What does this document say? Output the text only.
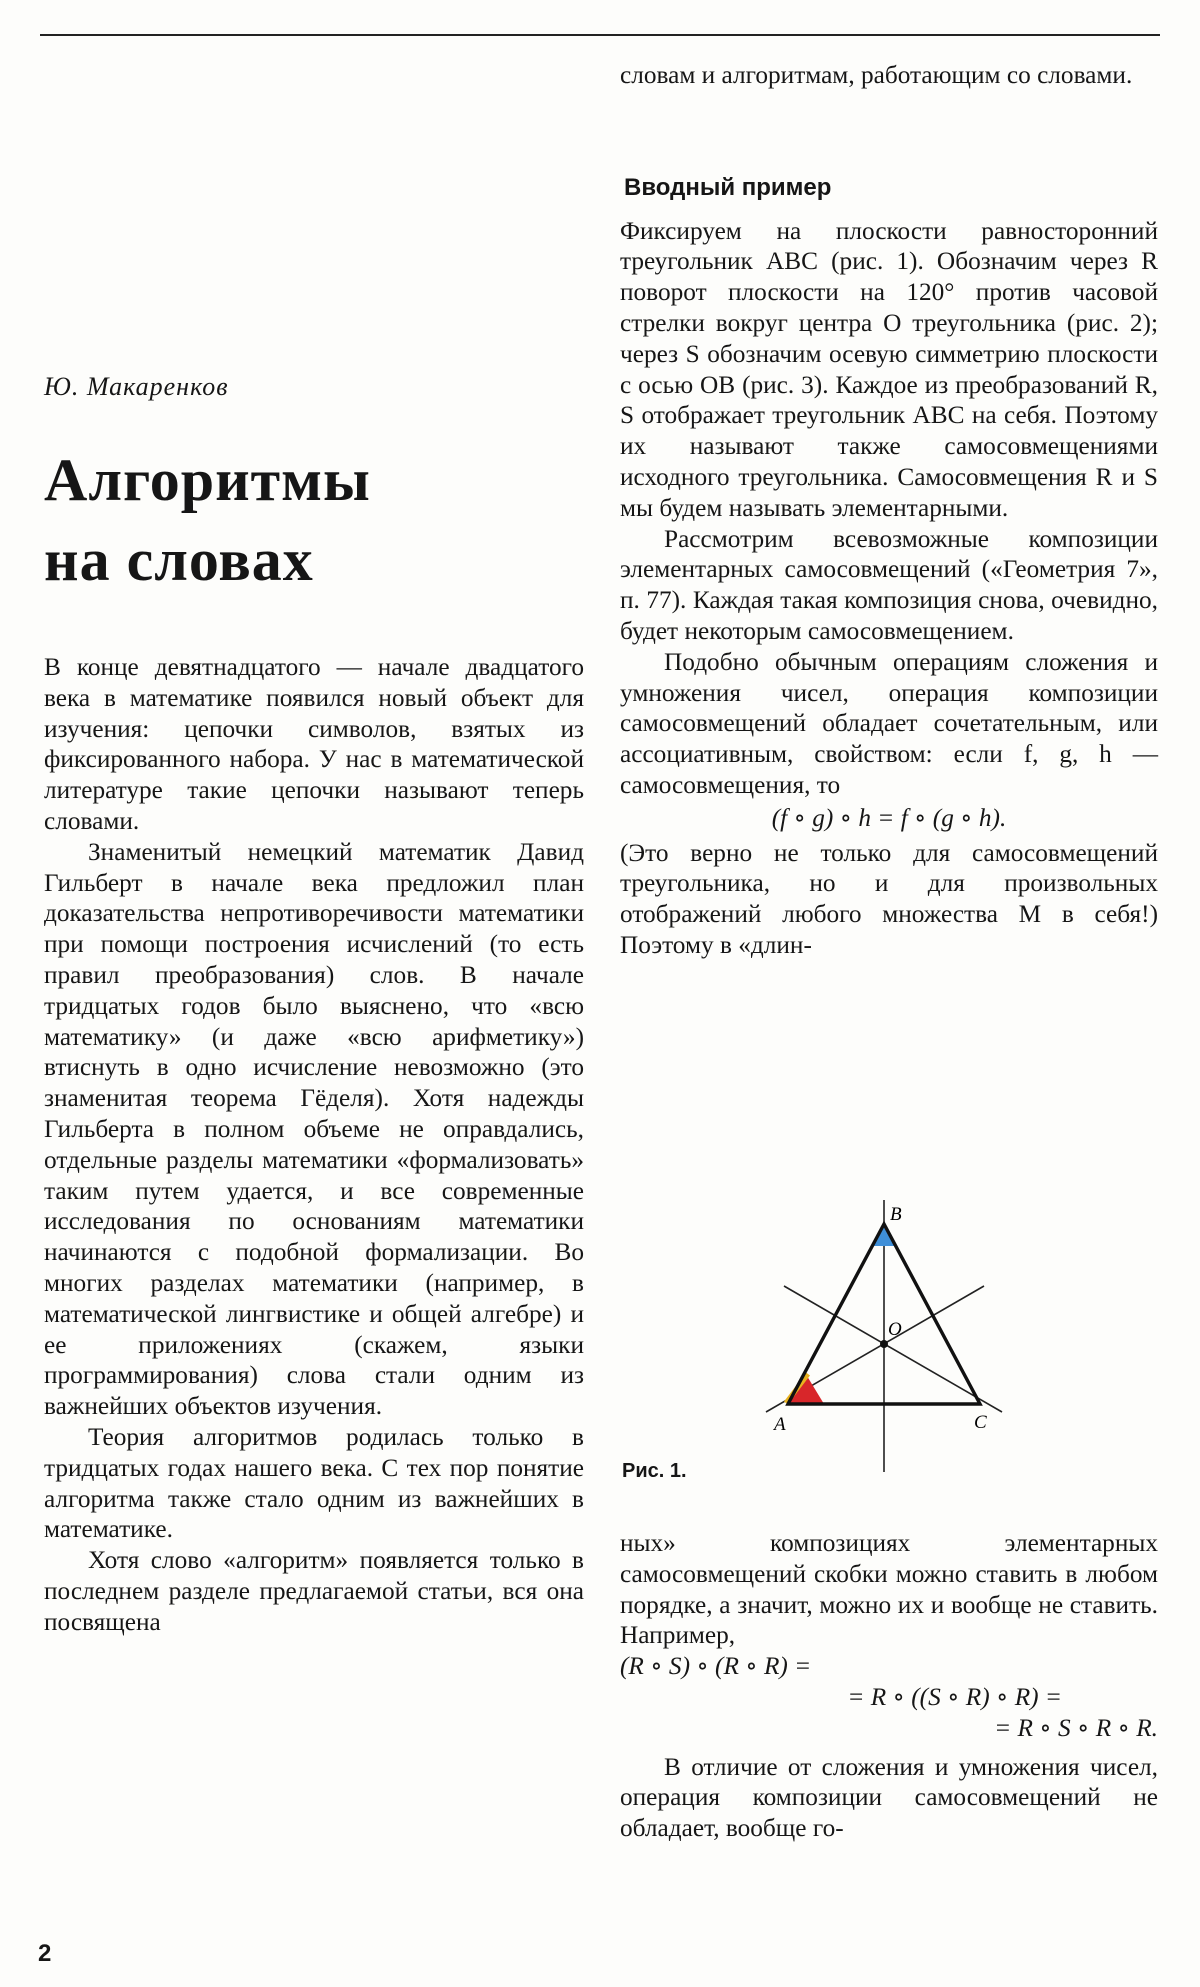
Ю. Макаренков
Алгоритмы
на словах

В конце девятнадцатого — начале двадцатого века в математике появился новый объект для изучения: цепочки символов, взятых из фиксированного набора. У нас в математической литературе такие цепочки называют теперь словами.

Знаменитый немецкий математик Давид Гильберт в начале века предложил план доказательства непротиворечивости математики при помощи построения исчислений (то есть правил преобразования) слов. В начале тридцатых годов было выяснено, что «всю математику» (и даже «всю арифметику») втиснуть в одно исчисление невозможно (это знаменитая теорема Гёделя). Хотя надежды Гильберта в полном объеме не оправдались, отдельные разделы математики «формализовать» таким путем удается, и все современные исследования по основаниям математики начинаются с подобной формализации. Во многих разделах математики (например, в математической лингвистике и общей алгебре) и ее приложениях (скажем, языки программирования) слова стали одним из важнейших объектов изучения.

Теория алгоритмов родилась только в тридцатых годах нашего века. С тех пор понятие алгоритма также стало одним из важнейших в математике.

Хотя слово «алгоритм» появляется только в последнем разделе предлагаемой статьи, вся она посвящена

словам и алгоритмам, работающим со словами.

Вводный пример

Фиксируем на плоскости равносторонний треугольник ABC (рис. 1). Обозначим через R поворот плоскости на 120° против часовой стрелки вокруг центра O треугольника (рис. 2); через S обозначим осевую симметрию плоскости с осью OB (рис. 3). Каждое из преобразований R, S отображает треугольник ABC на себя. Поэтому их называют также самосовмещениями исходного треугольника. Самосовмещения R и S мы будем называть элементарными.

Рассмотрим всевозможные композиции элементарных самосовмещений («Геометрия 7», п. 77). Каждая такая композиция снова, очевидно, будет некоторым самосовмещением.

Подобно обычным операциям сложения и умножения чисел, операция композиции самосовмещений обладает сочетательным, или ассоциативным, свойством: если f, g, h — самосовмещения, то

(f ∘ g) ∘ h = f ∘ (g ∘ h).

(Это верно не только для самосовмещений треугольника, но и для произвольных отображений любого множества M в себя!) Поэтому в «длин-

B
O
A	C
Рис. 1.

ных» композициях элементарных самосовмещений скобки можно ставить в любом порядке, а значит, можно их и вообще не ставить. Например,

(R ∘ S) ∘ (R ∘ R) =

= R ∘ ((S ∘ R) ∘ R) =

= R ∘ S ∘ R ∘ R.

В отличие от сложения и умножения чисел, операция композиции самосовмещений не обладает, вообще го-

2
